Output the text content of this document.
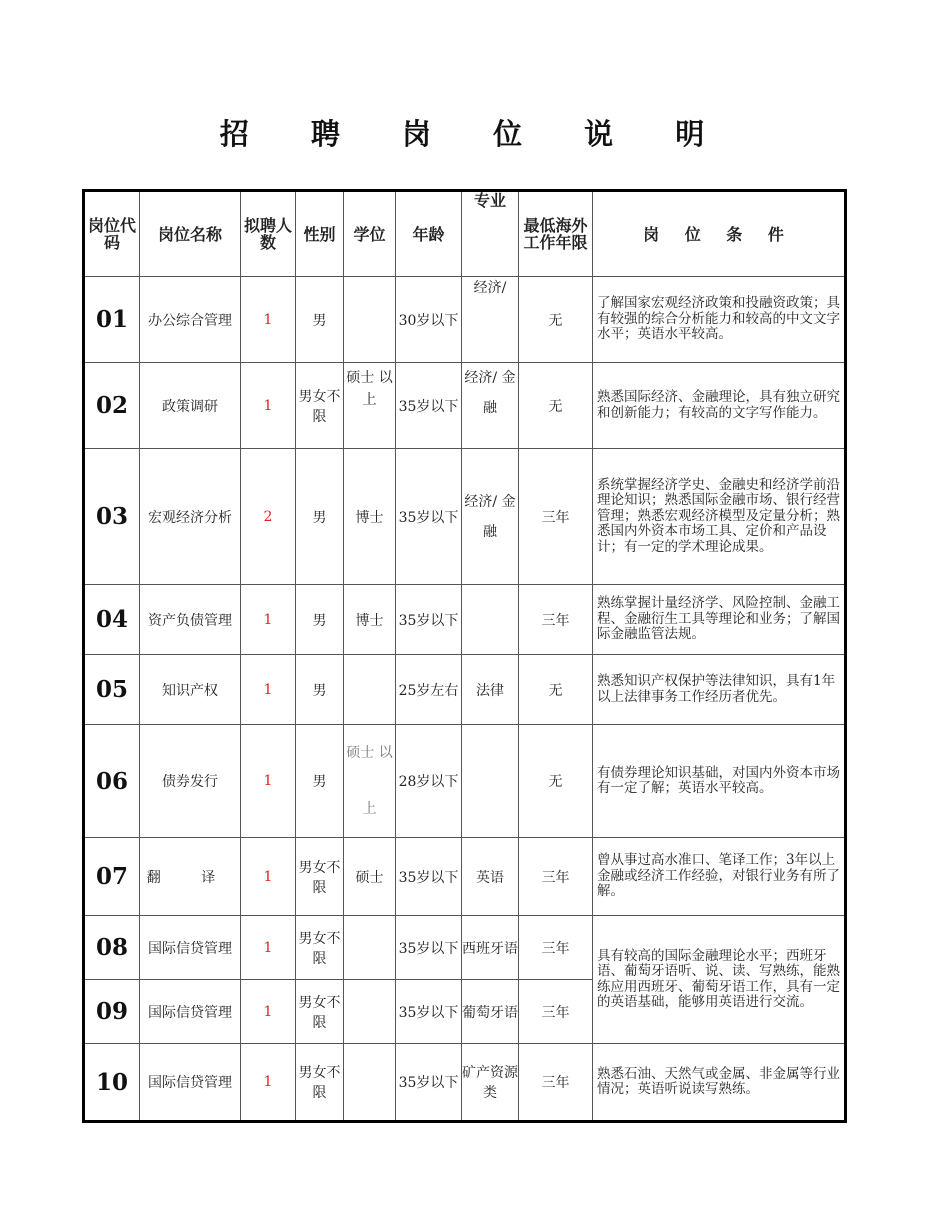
招 聘 岗 位 说 明
岗位代码	岗位名称	拟聘人数	性别	学位	年龄	专业	最低海外工作年限	岗 位 条 件
01	办公综合管理	1	男		30岁以下	经济/	无	了解国家宏观经济政策和投融资政策；具有较强的综合分析能力和较高的中文文字水平；英语水平较高。
02	政策调研	1	男女不限	硕士 以上	35岁以下	经济/ 金融	无	熟悉国际经济、金融理论，具有独立研究和创新能力；有较高的文字写作能力。
03	宏观经济分析	2	男	博士	35岁以下	经济/ 金融	三年	系统掌握经济学史、金融史和经济学前沿理论知识；熟悉国际金融市场、银行经营管理；熟悉宏观经济模型及定量分析；熟悉国内外资本市场工具、定价和产品设计；有一定的学术理论成果。
04	资产负债管理	1	男	博士	35岁以下		三年	熟练掌握计量经济学、风险控制、金融工程、金融衍生工具等理论和业务；了解国际金融监管法规。
05	知识产权	1	男		25岁左右	法律	无	熟悉知识产权保护等法律知识，具有1年以上法律事务工作经历者优先。
06	债券发行	1	男	硕士 以上	28岁以下		无	有债券理论知识基础，对国内外资本市场有一定了解；英语水平较高。
07	翻 译	1	男女不限	硕士	35岁以下	英语	三年	曾从事过高水准口、笔译工作；3年以上金融或经济工作经验，对银行业务有所了解。
08	国际信贷管理	1	男女不限		35岁以下	西班牙语	三年	具有较高的国际金融理论水平；西班牙语、葡萄牙语听、说、读、写熟练，能熟练应用西班牙、葡萄牙语工作，具有一定的英语基础，能够用英语进行交流。
09	国际信贷管理	1	男女不限		35岁以下	葡萄牙语	三年	
10	国际信贷管理	1	男女不限		35岁以下	矿产资源类	三年	熟悉石油、天然气或金属、非金属等行业情况；英语听说读写熟练。
